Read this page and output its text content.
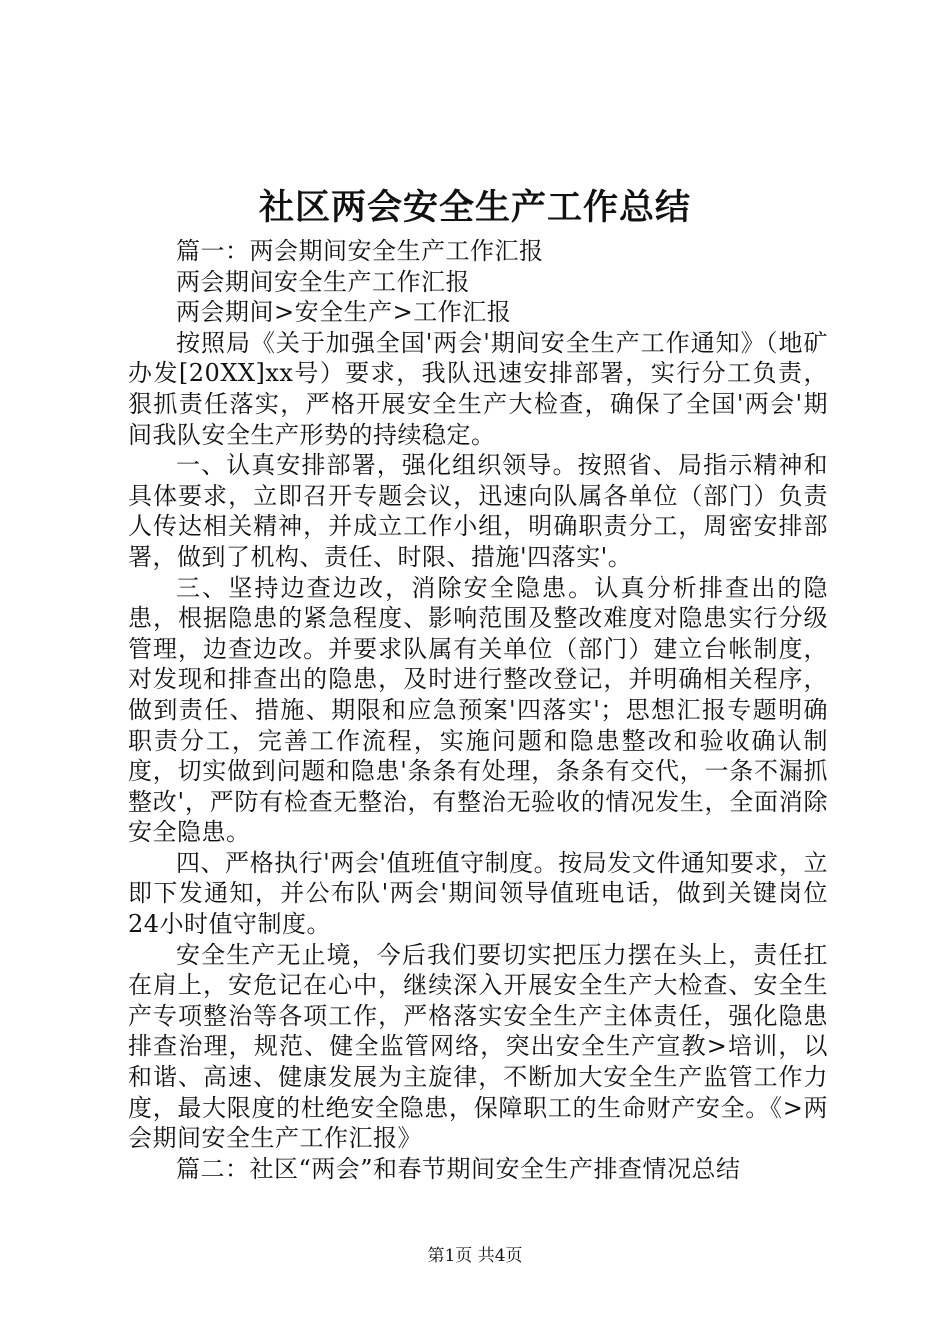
社区两会安全生产工作总结

篇一：两会期间安全生产工作汇报

两会期间安全生产工作汇报

两会期间>安全生产>工作汇报

按照局《关于加强全国'两会'期间安全生产工作通知》（地矿办发[20XX]xx号）要求，我队迅速安排部署，实行分工负责，狠抓责任落实，严格开展安全生产大检查，确保了全国'两会'期间我队安全生产形势的持续稳定。

一、认真安排部署，强化组织领导。按照省、局指示精神和具体要求，立即召开专题会议，迅速向队属各单位（部门）负责人传达相关精神，并成立工作小组，明确职责分工，周密安排部署，做到了机构、责任、时限、措施'四落实'。

三、坚持边查边改，消除安全隐患。认真分析排查出的隐患，根据隐患的紧急程度、影响范围及整改难度对隐患实行分级管理，边查边改。并要求队属有关单位（部门）建立台帐制度，对发现和排查出的隐患，及时进行整改登记，并明确相关程序，做到责任、措施、期限和应急预案'四落实'；思想汇报专题明确职责分工，完善工作流程，实施问题和隐患整改和验收确认制度，切实做到问题和隐患'条条有处理，条条有交代，一条不漏抓整改'，严防有检查无整治，有整治无验收的情况发生，全面消除安全隐患。

四、严格执行'两会'值班值守制度。按局发文件通知要求，立即下发通知，并公布队'两会'期间领导值班电话，做到关键岗位24小时值守制度。

安全生产无止境，今后我们要切实把压力摆在头上，责任扛在肩上，安危记在心中，继续深入开展安全生产大检查、安全生产专项整治等各项工作，严格落实安全生产主体责任，强化隐患排查治理，规范、健全监管网络，突出安全生产宣教>培训，以和谐、高速、健康发展为主旋律，不断加大安全生产监管工作力度，最大限度的杜绝安全隐患，保障职工的生命财产安全。《>两会期间安全生产工作汇报》

篇二：社区“两会”和春节期间安全生产排查情况总结

第1页 共4页
